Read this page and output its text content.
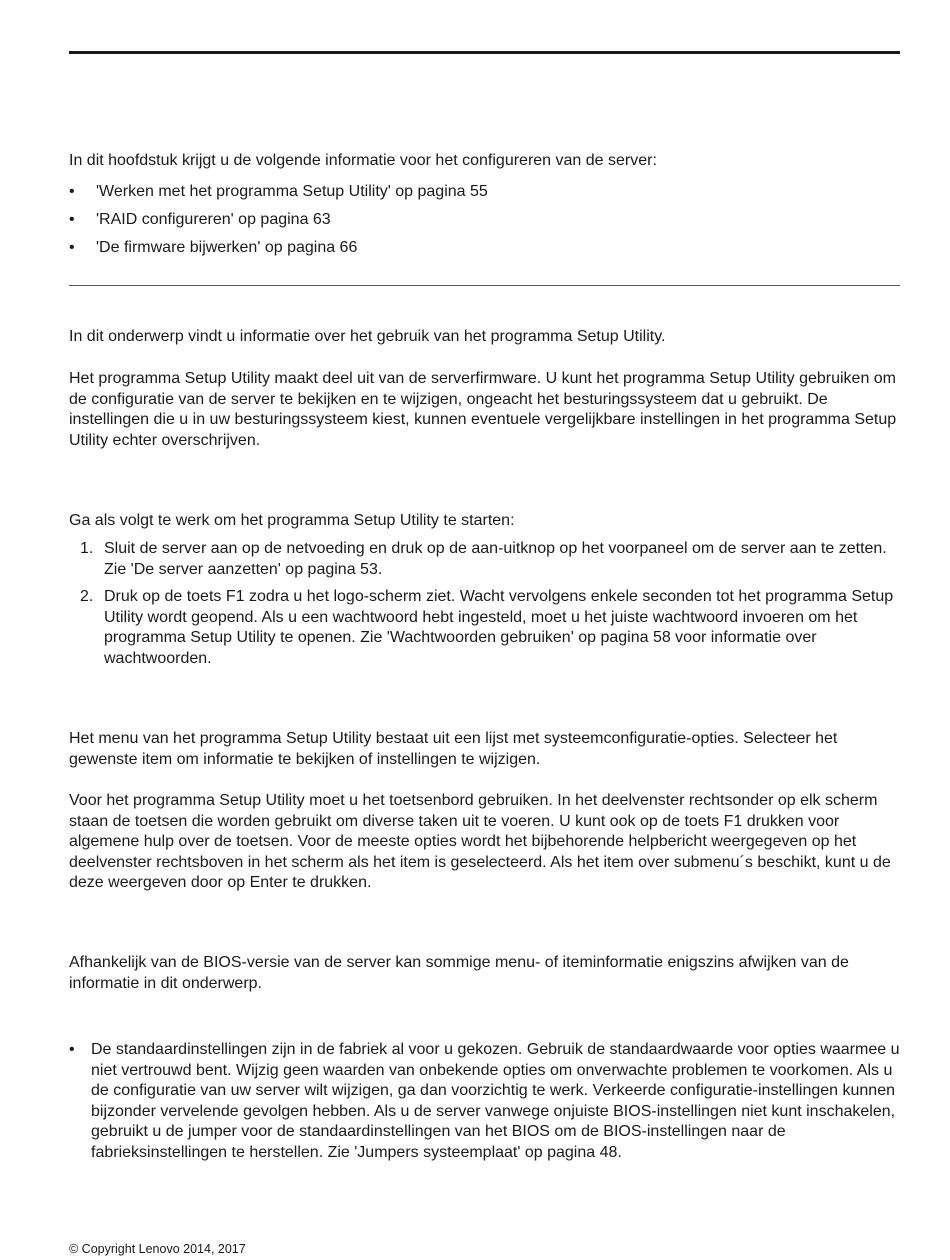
In dit hoofdstuk krijgt u de volgende informatie voor het configureren van de server:

• 'Werken met het programma Setup Utility' op pagina 55
• 'RAID configureren' op pagina 63
• 'De firmware bijwerken' op pagina 66

In dit onderwerp vindt u informatie over het gebruik van het programma Setup Utility.

Het programma Setup Utility maakt deel uit van de serverfirmware. U kunt het programma Setup Utility gebruiken om de configuratie van de server te bekijken en te wijzigen, ongeacht het besturingssysteem dat u gebruikt. De instellingen die u in uw besturingssysteem kiest, kunnen eventuele vergelijkbare instellingen in het programma Setup Utility echter overschrijven.

Ga als volgt te werk om het programma Setup Utility te starten:

1. Sluit de server aan op de netvoeding en druk op de aan-uitknop op het voorpaneel om de server aan te zetten. Zie 'De server aanzetten' op pagina 53.
2. Druk op de toets F1 zodra u het logo-scherm ziet. Wacht vervolgens enkele seconden tot het programma Setup Utility wordt geopend. Als u een wachtwoord hebt ingesteld, moet u het juiste wachtwoord invoeren om het programma Setup Utility te openen. Zie 'Wachtwoorden gebruiken' op pagina 58 voor informatie over wachtwoorden.

Het menu van het programma Setup Utility bestaat uit een lijst met systeemconfiguratie-opties. Selecteer het gewenste item om informatie te bekijken of instellingen te wijzigen.

Voor het programma Setup Utility moet u het toetsenbord gebruiken. In het deelvenster rechtsonder op elk scherm staan de toetsen die worden gebruikt om diverse taken uit te voeren. U kunt ook op de toets F1 drukken voor algemene hulp over de toetsen. Voor de meeste opties wordt het bijbehorende helpbericht weergegeven op het deelvenster rechtsboven in het scherm als het item is geselecteerd. Als het item over submenu´s beschikt, kunt u de deze weergeven door op Enter te drukken.

Afhankelijk van de BIOS-versie van de server kan sommige menu- of iteminformatie enigszins afwijken van de informatie in dit onderwerp.

• De standaardinstellingen zijn in de fabriek al voor u gekozen. Gebruik de standaardwaarde voor opties waarmee u niet vertrouwd bent. Wijzig geen waarden van onbekende opties om onverwachte problemen te voorkomen. Als u de configuratie van uw server wilt wijzigen, ga dan voorzichtig te werk. Verkeerde configuratie-instellingen kunnen bijzonder vervelende gevolgen hebben. Als u de server vanwege onjuiste BIOS-instellingen niet kunt inschakelen, gebruikt u de jumper voor de standaardinstellingen van het BIOS om de BIOS-instellingen naar de fabrieksinstellingen te herstellen. Zie 'Jumpers systeemplaat' op pagina 48.
© Copyright Lenovo 2014, 2017
